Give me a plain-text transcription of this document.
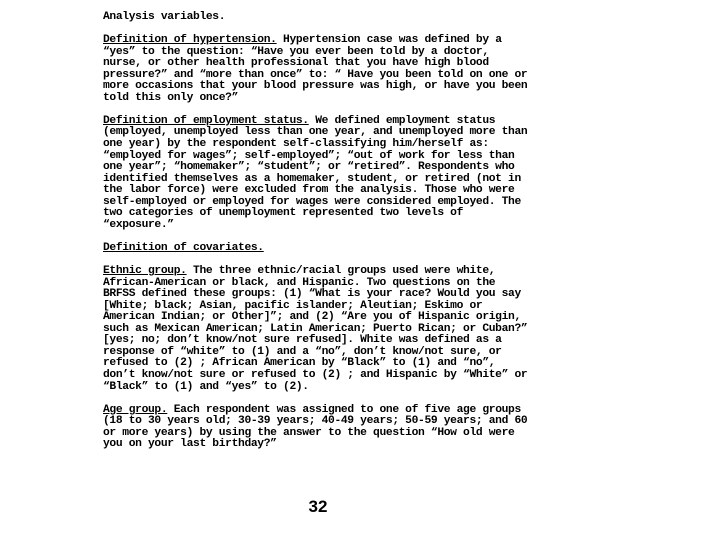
Analysis variables.

Definition of hypertension. Hypertension case was defined by a “yes” to the question: “Have you ever been told by a doctor, nurse, or other health professional that you have high blood pressure?” and “more than once” to: “ Have you been told on one or more occasions that your blood pressure was high, or have you been told this only once?”

Definition of employment status. We defined employment status (employed, unemployed less than one year, and unemployed more than one year) by the respondent self-classifying him/herself as: “employed for wages”; self-employed”; “out of work for less than one year”; “homemaker”; “student”; or “retired”. Respondents who identified themselves as a homemaker, student, or retired (not in the labor force) were excluded from the analysis. Those who were self-employed or employed for wages were considered employed. The two categories of unemployment represented two levels of “exposure.”

Definition of covariates.

Ethnic group. The three ethnic/racial groups used were white, African-American or black, and Hispanic. Two questions on the BRFSS defined these groups: (1) “What is your race? Would you say [White; black; Asian, pacific islander; Aleutian; Eskimo or American Indian; or Other]”; and (2) “Are you of Hispanic origin, such as Mexican American; Latin American; Puerto Rican; or Cuban?” [yes; no; don’t know/not sure refused]. White was defined as a response of “white” to (1) and a “no”, don’t know/not sure, or refused to (2) ; African American by “Black” to (1) and “no”, don’t know/not sure or refused to (2) ; and Hispanic by “White” or “Black” to (1) and “yes” to (2).

Age group. Each respondent was assigned to one of five age groups (18 to 30 years old; 30-39 years; 40-49 years; 50-59 years; and 60 or more years) by using the answer to the question “How old were you on your last birthday?”

32
